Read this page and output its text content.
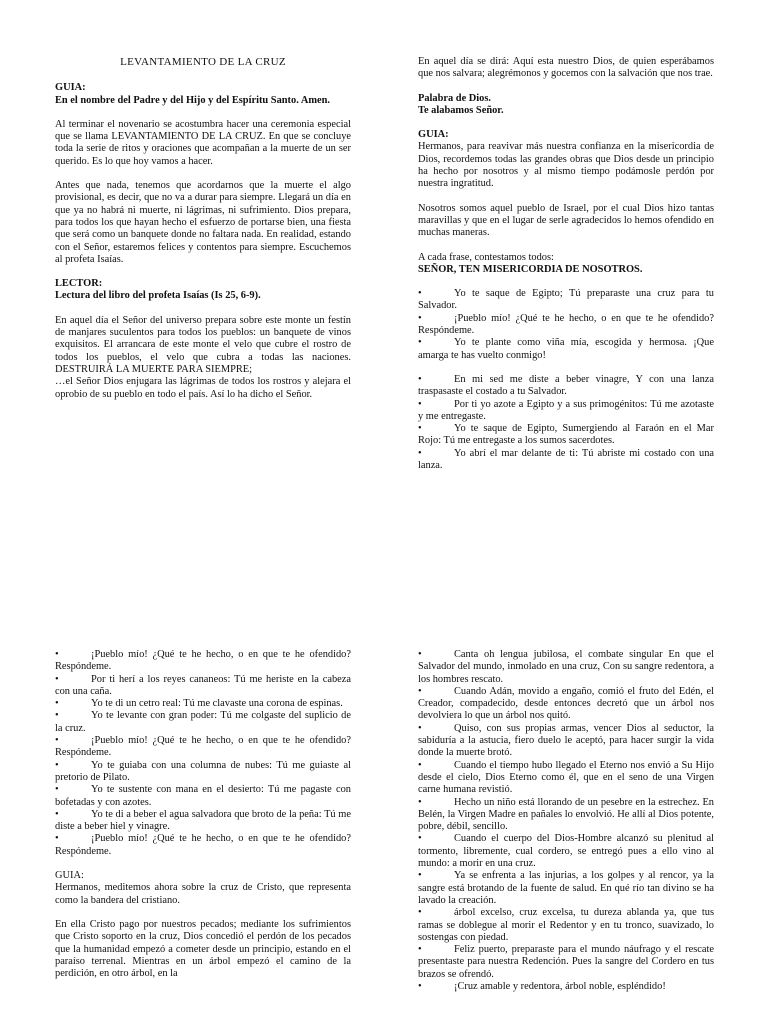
LEVANTAMIENTO DE LA CRUZ
GUIA:

En el nombre del Padre y del Hijo y del Espíritu Santo. Amen.

Al terminar el novenario se acostumbra hacer una ceremonia especial que se llama LEVANTAMIENTO DE LA CRUZ. En que se concluye toda la serie de ritos y oraciones que acompañan a la muerte de un ser querido. Es lo que hoy vamos a hacer.

Antes que nada, tenemos que acordarnos que la muerte el algo provisional, es decir, que no va a durar para siempre. Llegará un día en que ya no habrá ni muerte, ni lágrimas, ni sufrimiento. Dios prepara, para todos los que hayan hecho el esfuerzo de portarse bien, una fiesta que será como un banquete donde no faltara nada. En realidad, estando con el Señor, estaremos felices y contentos para siempre. Escuchemos al profeta Isaías.

LECTOR:

Lectura del libro del profeta Isaías (Is 25, 6-9).

En aquel día el Señor del universo prepara sobre este monte un festín de manjares suculentos para todos los pueblos: un banquete de vinos exquisitos. El arrancara de este monte el velo que cubre el rostro de todos los pueblos, el velo que cubra a todas las naciones. DESTRUIRÁ LA MUERTE PARA SIEMPRE;

…el Señor Dios enjugara las lágrimas de todos los rostros y alejara el oprobio de su pueblo en todo el país. Así lo ha dicho el Señor.

En aquel día se dirá: Aquí esta nuestro Dios, de quien esperábamos que nos salvara; alegrémonos y gocemos con la salvación que nos trae.

Palabra de Dios.

Te alabamos Señor.

GUIA:

Hermanos, para reavivar más nuestra confianza en la misericordia de Dios, recordemos todas las grandes obras que Dios desde un principio ha hecho por nosotros y al mismo tiempo podámosle perdón por nuestra ingratitud.

Nosotros somos aquel pueblo de Israel, por el cual Dios hizo tantas maravillas y que en el lugar de serle agradecidos lo hemos ofendido en muchas maneras.

A cada frase, contestamos todos:

SEÑOR, TEN MISERICORDIA DE NOSOTROS.

• Yo te saque de Egipto; Tú preparaste una cruz para tu Salvador.
• ¡Pueblo mío! ¿Qué te he hecho, o en que te he ofendido? Respóndeme.
• Yo te plante como viña mía, escogida y hermosa. ¡Que amarga te has vuelto conmigo!
• En mi sed me diste a beber vinagre, Y con una lanza traspasaste el costado a tu Salvador.
• Por ti yo azote a Egipto y a sus primogénitos: Tú me azotaste y me entregaste.
• Yo te saque de Egipto, Sumergiendo al Faraón en el Mar Rojo: Tú me entregaste a los sumos sacerdotes.
• Yo abrí el mar delante de ti: Tú abriste mi costado con una lanza.
• ¡Pueblo mío! ¿Qué te he hecho, o en que te he ofendido? Respóndeme.
• Por ti herí a los reyes cananeos: Tú me heriste en la cabeza con una caña.
• Yo te di un cetro real: Tú me clavaste una corona de espinas.
• Yo te levante con gran poder: Tú me colgaste del suplicio de la cruz.
• ¡Pueblo mío! ¿Qué te he hecho, o en que te he ofendido? Respóndeme.
• Yo te guiaba con una columna de nubes: Tú me guiaste al pretorio de Pilato.
• Yo te sustente con mana en el desierto: Tú me pagaste con bofetadas y con azotes.
• Yo te di a beber el agua salvadora que broto de la peña: Tú me diste a beber hiel y vinagre.
• ¡Pueblo mío! ¿Qué te he hecho, o en que te he ofendido? Respóndeme.
GUIA:

Hermanos, meditemos ahora sobre la cruz de Cristo, que representa como la bandera del cristiano.

En ella Cristo pago por nuestros pecados; mediante los sufrimientos que Cristo soporto en la cruz, Dios concedió el perdón de los pecados que la humanidad empezó a cometer desde un principio, estando en el paraíso terrenal. Mientras en un árbol empezó el camino de la perdición, en otro árbol, en la

• Canta oh lengua jubilosa, el combate singular En que el Salvador del mundo, inmolado en una cruz, Con su sangre redentora, a los hombres rescato.
• Cuando Adán, movido a engaño, comió el fruto del Edén, el Creador, compadecido, desde entonces decretó que un árbol nos devolviera lo que un árbol nos quitó.
• Quiso, con sus propias armas, vencer Dios al seductor, la sabiduría a la astucia, fiero duelo le aceptó, para hacer surgir la vida donde la muerte brotó.
• Cuando el tiempo hubo llegado el Eterno nos envió a Su Hijo desde el cielo, Dios Eterno como él, que en el seno de una Virgen carne humana revistió.
• Hecho un niño está llorando de un pesebre en la estrechez. En Belén, la Virgen Madre en pañales lo envolvió. He allí al Dios potente, pobre, débil, sencillo.
• Cuando el cuerpo del Dios-Hombre alcanzó su plenitud al tormento, libremente, cual cordero, se entregó pues a ello vino al mundo: a morir en una cruz.
• Ya se enfrenta a las injurias, a los golpes y al rencor, ya la sangre está brotando de la fuente de salud. En qué río tan divino se ha lavado la creación.
• árbol excelso, cruz excelsa, tu dureza ablanda ya, que tus ramas se doblegue al morir el Redentor y en tu tronco, suavizado, lo sostengas con piedad.
• Feliz puerto, preparaste para el mundo náufrago y el rescate presentaste para nuestra Redención. Pues la sangre del Cordero en tus brazos se ofrendó.
• ¡Cruz amable y redentora, árbol noble, espléndido!
